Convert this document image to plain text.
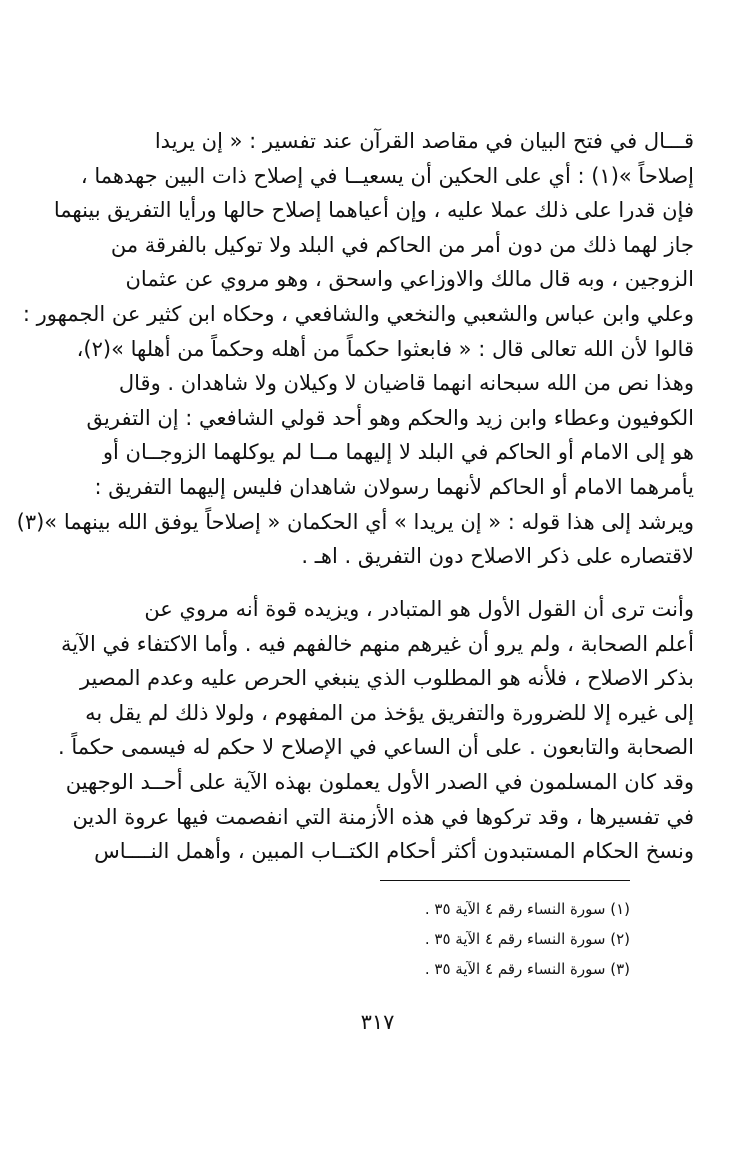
قـــال في فتح البيان في مقاصد القرآن عند تفسير : « إن يريدا
إصلاحاً »(١) : أي على الحكين أن يسعيــا في إصلاح ذات البين جهدهما ،
فإن قدرا على ذلك عملا عليه ، وإن أعياهما إصلاح حالها ورأيا التفريق بينهما
جاز لهما ذلك من دون أمر من الحاكم في البلد ولا توكيل بالفرقة من
الزوجين ، وبه قال مالك والاوزاعي واسحق ، وهو مروي عن عثمان
وعلي وابن عباس والشعبي والنخعي والشافعي ، وحكاه ابن كثير عن الجمهور :
قالوا لأن الله تعالى قال : « فابعثوا حكماً من أهله وحكماً من أهلها »(٢)،
وهذا نص من الله سبحانه انهما قاضيان لا وكيلان ولا شاهدان . وقال
الكوفيون وعطاء وابن زيد والحكم وهو أحد قولي الشافعي : إن التفريق
هو إلى الامام أو الحاكم في البلد لا إليهما مــا لم يوكلهما الزوجــان أو
يأمرهما الامام أو الحاكم لأنهما رسولان شاهدان فليس إليهما التفريق :
ويرشد إلى هذا قوله : « إن يريدا » أي الحكمان « إصلاحاً يوفق الله بينهما »(٣)
لاقتصاره على ذكر الاصلاح دون التفريق . اهـ .
وأنت ترى أن القول الأول هو المتبادر ، ويزيده قوة أنه مروي عن
أعلم الصحابة ، ولم يرو أن غيرهم منهم خالفهم فيه . وأما الاكتفاء في الآية
بذكر الاصلاح ، فلأنه هو المطلوب الذي ينبغي الحرص عليه وعدم المصير
إلى غيره إلا للضرورة والتفريق يؤخذ من المفهوم ، ولولا ذلك لم يقل به
الصحابة والتابعون . على أن الساعي في الإصلاح لا حكم له فيسمى حكماً .
وقد كان المسلمون في الصدر الأول يعملون بهذه الآية على أحــد الوجهين
في تفسيرها ، وقد تركوها في هذه الأزمنة التي انفصمت فيها عروة الدين
ونسخ الحكام المستبدون أكثر أحكام الكتــاب المبين ، وأهمل النــــاس
(١) سورة النساء رقم ٤ الآية ٣٥ .
(٢) سورة النساء رقم ٤ الآية ٣٥ .
(٣) سورة النساء رقم ٤ الآية ٣٥ .
٣١٧
